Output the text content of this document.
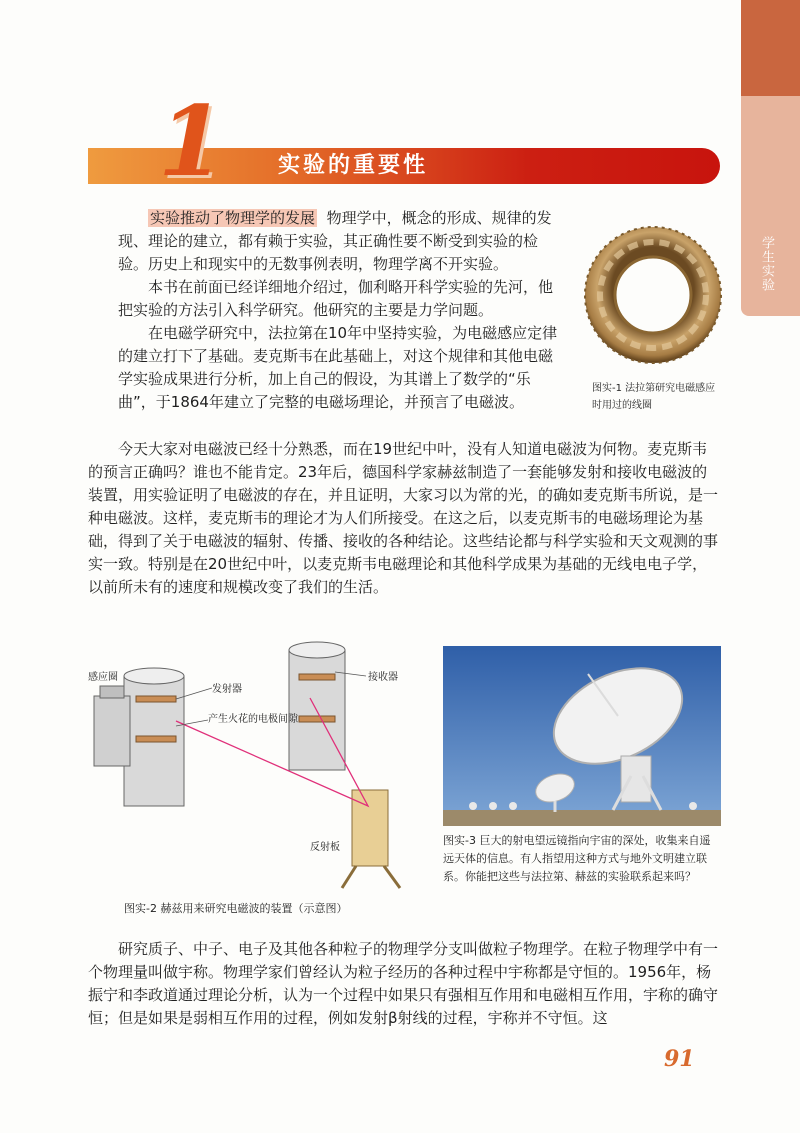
学生实验
1 实验的重要性

实验推动了物理学的发展 物理学中，概念的形成、规律的发现、理论的建立，都有赖于实验，其正确性要不断受到实验的检验。历史上和现实中的无数事例表明，物理学离不开实验。

本书在前面已经详细地介绍过，伽利略开科学实验的先河，他把实验的方法引入科学研究。他研究的主要是力学问题。

在电磁学研究中，法拉第在10年中坚持实验，为电磁感应定律的建立打下了基础。麦克斯韦在此基础上，对这个规律和其他电磁学实验成果进行分析，加上自己的假设，为其谱上了数学的“乐曲”，于1864年建立了完整的电磁场理论，并预言了电磁波。

图实-1 法拉第研究电磁感应时用过的线圈

今天大家对电磁波已经十分熟悉，而在19世纪中叶，没有人知道电磁波为何物。麦克斯韦的预言正确吗？谁也不能肯定。23年后，德国科学家赫兹制造了一套能够发射和接收电磁波的装置，用实验证明了电磁波的存在，并且证明，大家习以为常的光，的确如麦克斯韦所说，是一种电磁波。这样，麦克斯韦的理论才为人们所接受。在这之后，以麦克斯韦的电磁场理论为基础，得到了关于电磁波的辐射、传播、接收的各种结论。这些结论都与科学实验和天文观测的事实一致。特别是在20世纪中叶，以麦克斯韦电磁理论和其他科学成果为基础的无线电电子学，以前所未有的速度和规模改变了我们的生活。

感应圈
发射器
产生火花的电极间隙
接收器
反射板
图实-2 赫兹用来研究电磁波的装置（示意图）
图实-3 巨大的射电望远镜指向宇宙的深处，收集来自遥远天体的信息。有人指望用这种方式与地外文明建立联系。你能把这些与法拉第、赫兹的实验联系起来吗？

研究质子、中子、电子及其他各种粒子的物理学分支叫做粒子物理学。在粒子物理学中有一个物理量叫做宇称。物理学家们曾经认为粒子经历的各种过程中宇称都是守恒的。1956年，杨振宁和李政道通过理论分析，认为一个过程中如果只有强相互作用和电磁相互作用，宇称的确守恒；但是如果是弱相互作用的过程，例如发射β射线的过程，宇称并不守恒。这

91
